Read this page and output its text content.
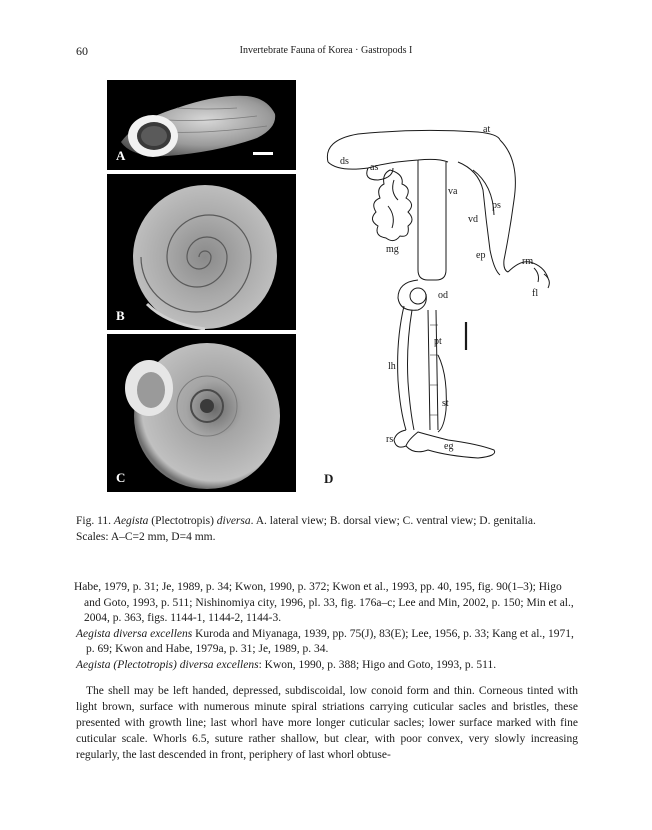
60	Invertebrate Fauna of Korea · Gastropods I
A
B
C
at
ds
as
va
ps
vd
mg
ep
rm
fl
od
pt
lh
st
rs
eg
D
Fig. 11. Aegista (Plectotropis) diversa. A. lateral view; B. dorsal view; C. ventral view; D. genitalia.
Scales: A–C=2 mm, D=4 mm.

Habe, 1979, p. 31; Je, 1989, p. 34; Kwon, 1990, p. 372; Kwon et al., 1993, pp. 40, 195, fig. 90(1–3); Higo and Goto, 1993, p. 511; Nishinomiya city, 1996, pl. 33, fig. 176a–c; Lee and Min, 2002, p. 150; Min et al., 2004, p. 363, figs. 1144-1, 1144-2, 1144-3.

Aegista diversa excellens Kuroda and Miyanaga, 1939, pp. 75(J), 83(E); Lee, 1956, p. 33; Kang et al., 1971, p. 69; Kwon and Habe, 1979a, p. 31; Je, 1989, p. 34.

Aegista (Plectotropis) diversa excellens: Kwon, 1990, p. 388; Higo and Goto, 1993, p. 511.

The shell may be left handed, depressed, subdiscoidal, low conoid form and thin. Corneous tinted with light brown, surface with numerous minute spiral striations carrying cuticular sacles and bristles, these presented with growth line; last whorl have more longer cuticular sacles; lower surface marked with fine cuticular scale. Whorls 6.5, suture rather shallow, but clear, with poor convex, very slowly increasing regularly, the last descended in front, periphery of last whorl obtuse-
